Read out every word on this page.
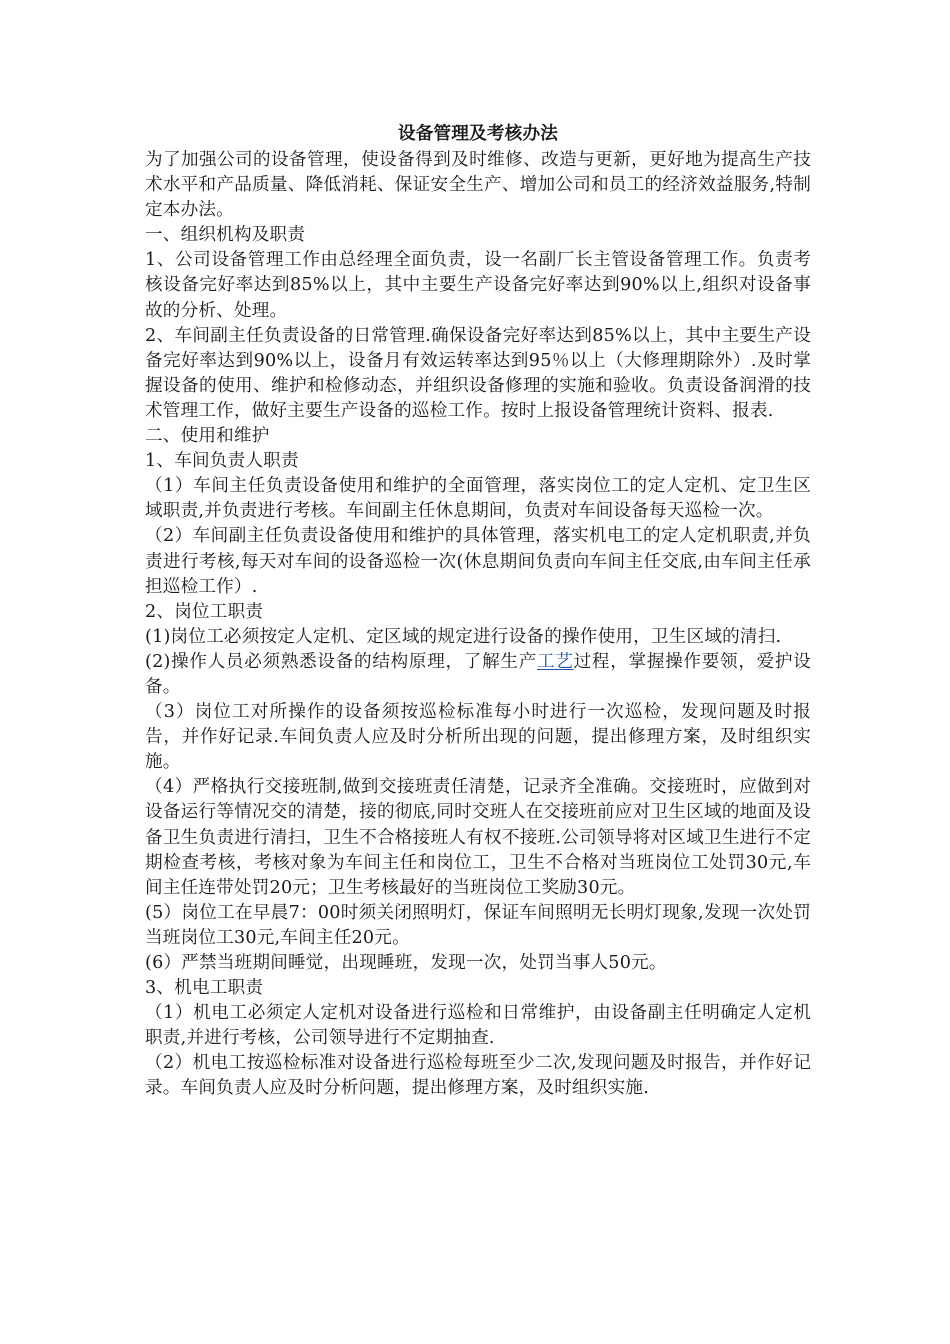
设备管理及考核办法

为了加强公司的设备管理，使设备得到及时维修、改造与更新，更好地为提高生产技术水平和产品质量、降低消耗、保证安全生产、增加公司和员工的经济效益服务,特制定本办法。

一、组织机构及职责

1、公司设备管理工作由总经理全面负责，设一名副厂长主管设备管理工作。负责考核设备完好率达到85%以上，其中主要生产设备完好率达到90%以上,组织对设备事故的分析、处理。

2、车间副主任负责设备的日常管理.确保设备完好率达到85%以上，其中主要生产设备完好率达到90%以上，设备月有效运转率达到95％以上（大修理期除外）.及时掌握设备的使用、维护和检修动态，并组织设备修理的实施和验收。负责设备润滑的技术管理工作，做好主要生产设备的巡检工作。按时上报设备管理统计资料、报表.

二、使用和维护

1、车间负责人职责

（1）车间主任负责设备使用和维护的全面管理，落实岗位工的定人定机、定卫生区域职责,并负责进行考核。车间副主任休息期间，负责对车间设备每天巡检一次。

（2）车间副主任负责设备使用和维护的具体管理，落实机电工的定人定机职责,并负责进行考核,每天对车间的设备巡检一次(休息期间负责向车间主任交底,由车间主任承担巡检工作）.

2、岗位工职责

(1)岗位工必须按定人定机、定区域的规定进行设备的操作使用，卫生区域的清扫.

(2)操作人员必须熟悉设备的结构原理，了解生产工艺过程，掌握操作要领，爱护设备。

（3）岗位工对所操作的设备须按巡检标准每小时进行一次巡检，发现问题及时报告，并作好记录.车间负责人应及时分析所出现的问题，提出修理方案，及时组织实施。

（4）严格执行交接班制,做到交接班责任清楚，记录齐全准确。交接班时，应做到对设备运行等情况交的清楚，接的彻底,同时交班人在交接班前应对卫生区域的地面及设备卫生负责进行清扫，卫生不合格接班人有权不接班.公司领导将对区域卫生进行不定期检查考核，考核对象为车间主任和岗位工，卫生不合格对当班岗位工处罚30元,车间主任连带处罚20元；卫生考核最好的当班岗位工奖励30元。

(5）岗位工在早晨7：00时须关闭照明灯，保证车间照明无长明灯现象,发现一次处罚当班岗位工30元,车间主任20元。

(6）严禁当班期间睡觉，出现睡班，发现一次，处罚当事人50元。

3、机电工职责

（1）机电工必须定人定机对设备进行巡检和日常维护，由设备副主任明确定人定机职责,并进行考核，公司领导进行不定期抽查.

（2）机电工按巡检标准对设备进行巡检每班至少二次,发现问题及时报告，并作好记录。车间负责人应及时分析问题，提出修理方案，及时组织实施.
